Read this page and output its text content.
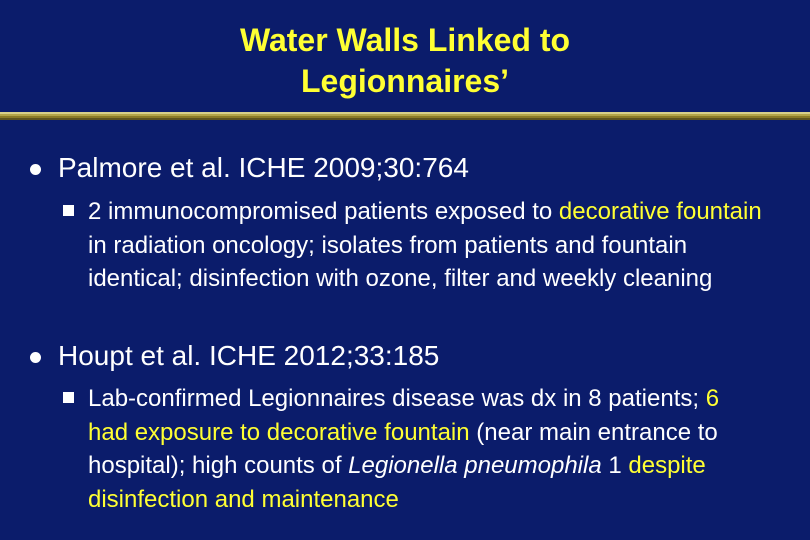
Water Walls Linked to
Legionnaires’
Palmore et al. ICHE 2009;30:764
2 immunocompromised patients exposed to decorative fountain in radiation oncology; isolates from patients and fountain identical; disinfection with ozone, filter and weekly cleaning
Houpt et al. ICHE 2012;33:185
Lab-confirmed Legionnaires disease was dx in 8 patients; 6 had exposure to decorative fountain (near main entrance to hospital); high counts of Legionella pneumophila 1 despite disinfection and maintenance
